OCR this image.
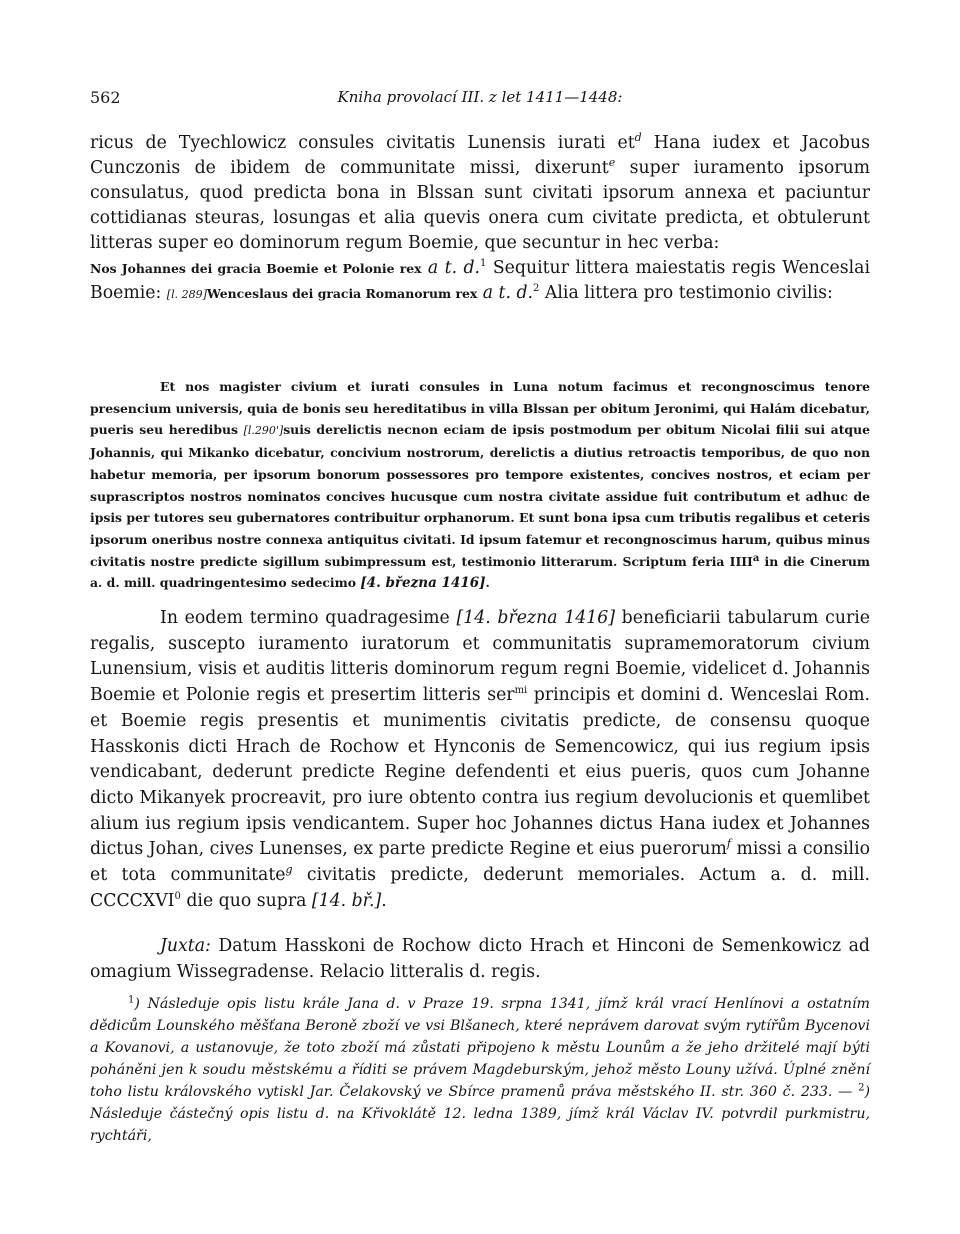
562	Kniha provolací III. z let 1411—1448:

ricus de Tyechlowicz consules civitatis Lunensis iurati $et^d$ Hana iudex et Jacobus Cunczonis de ibidem de communitate missi, dixerunt$^e$ super iuramento ipsorum consulatus, quod predicta bona in Blssan sunt civitati ipsorum annexa et paciuntur cottidianas steuras, losungas et alia quevis onera cum civitate predicta, et obtulerunt litteras super eo dominorum regum Boemie, que secuntur in hec verba:
Nos Johannes dei gracia Boemie et Polonie rex a t. d.$^1$ Sequitur littera maiestatis regis Wenceslai Boemie: [l. 289]Wenceslaus dei gracia Romanorum rex a t. d.$^2$ Alia littera pro testimonio civilis:

Et nos magister civium et iurati consules in Luna notum facimus et recongnoscimus tenore presencium universis, quia de bonis seu hereditatibus in villa Blssan per obitum Jeronimi, qui Halám dicebatur, pueris seu heredibus [l.290']suis derelictis necnon eciam de ipsis postmodum per obitum Nicolai filii sui atque Johannis, qui Mikanko dicebatur, concivium nostrorum, derelictis a diutius retroactis temporibus, de quo non habetur memoria, per ipsorum bonorum possessores pro tempore existentes, concives nostros, et eciam per suprascriptos nostros nominatos concives hucusque cum nostra civitate assidue fuit contributum et adhuc de ipsis per tutores seu gubernatores contribuitur orphanorum. Et sunt bona ipsa cum tributis regalibus et ceteris ipsorum oneribus nostre connexa antiquitus civitati. Id ipsum fatemur et recongnoscimus harum, quibus minus civitatis nostre predicte sigillum subimpressum est, testimonio litterarum. Scriptum feria IIII$^a$ in die Cinerum a. d. mill. quadringentesimo sedecimo [4. března 1416].

In eodem termino quadragesime [14. března 1416] beneficiarii tabularum curie regalis, suscepto iuramento iuratorum et communitatis supramemoratorum civium Lunensium, visis et auditis litteris dominorum regum regni Boemie, videlicet d. Johannis Boemie et Polonie regis et presertim litteris ser$^{mi}$ principis et domini d. Wenceslai Rom. et Boemie regis presentis et munimentis civitatis predicte, de consensu quoque Hasskonis dicti Hrach de Rochow et Hynconis de Semencowicz, qui ius regium ipsis vendicabant, dederunt predicte Regine defendenti et eius pueris, quos cum Johanne dicto Mikanyek procreavit, pro iure obtento contra ius regium devolucionis et quemlibet alium ius regium ipsis vendicantem. Super hoc Johannes dictus Hana iudex et Johannes dictus Johan, cives Lunenses, ex parte predicte Regine et eius puerorum$^f$ missi a consilio et tota communitate$^g$ civitatis predicte, dederunt memoriales. Actum a. d. mill. CCCCXVI$^0$ die quo supra [14. bř.].

Juxta: Datum Hasskoni de Rochow dicto Hrach et Hinconi de Semenkowicz ad omagium Wissegradense. Relacio litteralis d. regis.

$^1$) Následuje opis listu krále Jana d. v Praze 19. srpna 1341, jímž král vrací Henlínovi a ostatním dědicům Lounského měšťana Beroně zboží ve vsi Blšanech, které neprávem darovat svým rytířům Bycenovi a Kovanovi, a ustanovuje, že toto zboží má zůstati připojeno k městu Lounům a že jeho držitelé mají býti poháněni jen k soudu městskému a říditi se právem Magdeburským, jehož město Louny užívá. Úplné znění toho listu královského vytiskl Jar. Čelakovský ve Sbírce pramenů práva městského II. str. 360 č. 233. — $^2$) Následuje částečný opis listu d. na Křivoklátě 12. ledna 1389, jímž král Václav IV. potvrdil purkmistru, rychtáři,
